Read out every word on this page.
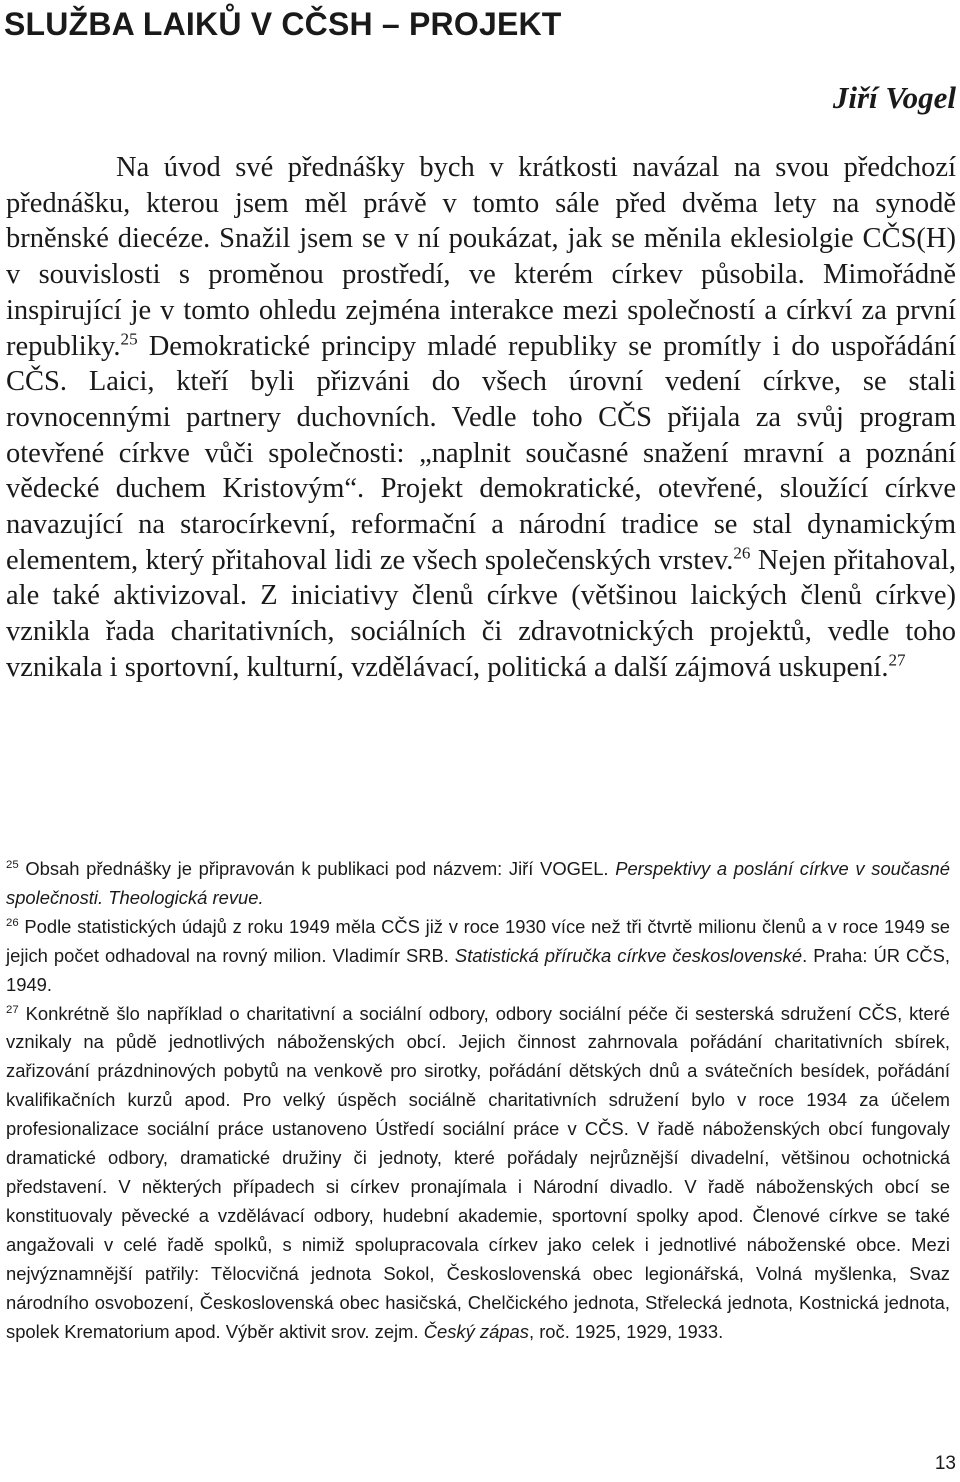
SLUŽBA LAIKŮ V CČSH – PROJEKT
Jiří Vogel

Na úvod své přednášky bych v krátkosti navázal na svou předchozí přednášku, kterou jsem měl právě v tomto sále před dvěma lety na synodě brněnské diecéze. Snažil jsem se v ní poukázat, jak se měnila eklesiolgie CČS(H) v souvislosti s proměnou prostředí, ve kterém církev působila. Mimořádně inspirující je v tomto ohledu zejména interakce mezi společností a církví za první republiky.$^{25}$ Demokratické principy mladé republiky se promítly i do uspořádání CČS. Laici, kteří byli přizváni do všech úrovní vedení církve, se stali rovnocennými partnery duchovních. Vedle toho CČS přijala za svůj program otevřené církve vůči společnosti: „naplnit současné snažení mravní a poznání vědecké duchem Kristovým“. Projekt demokratické, otevřené, sloužící církve navazující na starocírkevní, reformační a národní tradice se stal dynamickým elementem, který přitahoval lidi ze všech společenských vrstev.$^{26}$ Nejen přitahoval, ale také aktivizoval. Z iniciativy členů církve (většinou laických členů církve) vznikla řada charitativních, sociálních či zdravotnických projektů, vedle toho vznikala i sportovní, kulturní, vzdělávací, politická a další zájmová uskupení.$^{27}$

$^{25}$ Obsah přednášky je připravován k publikaci pod názvem: Jiří VOGEL. Perspektivy a poslání církve v současné společnosti. Theologická revue.

$^{26}$ Podle statistických údajů z roku 1949 měla CČS již v roce 1930 více než tři čtvrtě milionu členů a v roce 1949 se jejich počet odhadoval na rovný milion. Vladimír SRB. Statistická příručka církve československé. Praha: ÚR CČS, 1949.

$^{27}$ Konkrétně šlo například o charitativní a sociální odbory, odbory sociální péče či sesterská sdružení CČS, které vznikaly na půdě jednotlivých náboženských obcí. Jejich činnost zahrnovala pořádání charitativních sbírek, zařizování prázdninových pobytů na venkově pro sirotky, pořádání dětských dnů a svátečních besídek, pořádání kvalifikačních kurzů apod. Pro velký úspěch sociálně charitativních sdružení bylo v roce 1934 za účelem profesionalizace sociální práce ustanoveno Ústředí sociální práce v CČS. V řadě náboženských obcí fungovaly dramatické odbory, dramatické družiny či jednoty, které pořádaly nejrůznější divadelní, většinou ochotnická představení. V některých případech si církev pronajímala i Národní divadlo. V řadě náboženských obcí se konstituovaly pěvecké a vzdělávací odbory, hudební akademie, sportovní spolky apod. Členové církve se také angažovali v celé řadě spolků, s nimiž spolupracovala církev jako celek i jednotlivé náboženské obce. Mezi nejvýznamnější patřily: Tělocvičná jednota Sokol, Československá obec legionářská, Volná myšlenka, Svaz národního osvobození, Československá obec hasičská, Chelčického jednota, Střelecká jednota, Kostnická jednota, spolek Krematorium apod. Výběr aktivit srov. zejm. Český zápas, roč. 1925, 1929, 1933.

13
